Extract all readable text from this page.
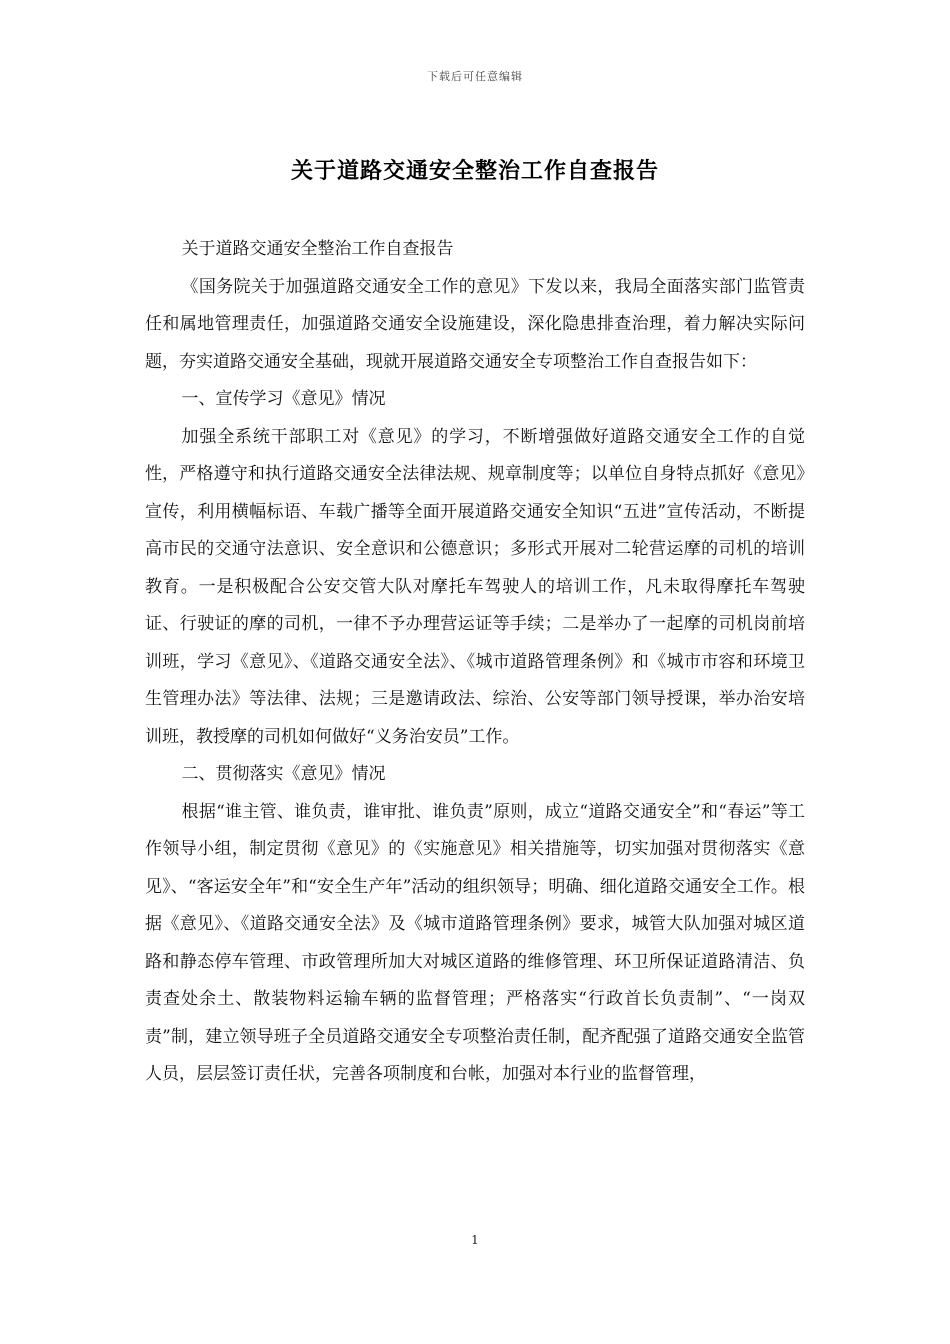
下载后可任意编辑
关于道路交通安全整治工作自查报告

关于道路交通安全整治工作自查报告

《国务院关于加强道路交通安全工作的意见》下发以来，我局全面落实部门监管责任和属地管理责任，加强道路交通安全设施建设，深化隐患排查治理，着力解决实际问题，夯实道路交通安全基础，现就开展道路交通安全专项整治工作自查报告如下：

一、宣传学习《意见》情况

加强全系统干部职工对《意见》的学习，不断增强做好道路交通安全工作的自觉性，严格遵守和执行道路交通安全法律法规、规章制度等；以单位自身特点抓好《意见》宣传，利用横幅标语、车载广播等全面开展道路交通安全知识“五进”宣传活动，不断提高市民的交通守法意识、安全意识和公德意识；多形式开展对二轮营运摩的司机的培训教育。一是积极配合公安交管大队对摩托车驾驶人的培训工作，凡未取得摩托车驾驶证、行驶证的摩的司机，一律不予办理营运证等手续；二是举办了一起摩的司机岗前培训班，学习《意见》、《道路交通安全法》、《城市道路管理条例》和《城市市容和环境卫生管理办法》等法律、法规；三是邀请政法、综治、公安等部门领导授课，举办治安培训班，教授摩的司机如何做好“义务治安员”工作。

二、贯彻落实《意见》情况

根据“谁主管、谁负责，谁审批、谁负责”原则，成立“道路交通安全”和“春运”等工作领导小组，制定贯彻《意见》的《实施意见》相关措施等，切实加强对贯彻落实《意见》、“客运安全年”和“安全生产年”活动的组织领导；明确、细化道路交通安全工作。根据《意见》、《道路交通安全法》及《城市道路管理条例》要求，城管大队加强对城区道路和静态停车管理、市政管理所加大对城区道路的维修管理、环卫所保证道路清洁、负责查处余土、散装物料运输车辆的监督管理；严格落实“行政首长负责制”、“一岗双责”制，建立领导班子全员道路交通安全专项整治责任制，配齐配强了道路交通安全监管人员，层层签订责任状，完善各项制度和台帐，加强对本行业的监督管理，

1
